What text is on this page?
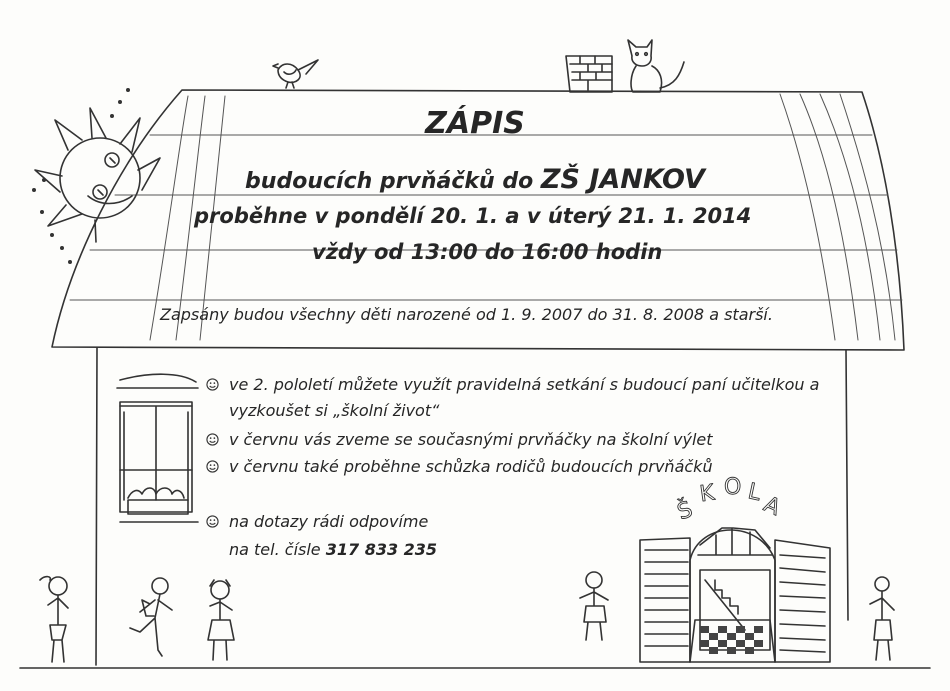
Š
K O L
A
ZÁPIS
budoucích prvňáčků do ZŠ JANKOV
proběhne v pondělí 20. 1. a v úterý 21. 1. 2014
vždy od 13:00 do 16:00 hodin
Zapsány budou všechny děti narozené od 1. 9. 2007 do 31. 8. 2008 a starší.
ve 2. pololetí můžete využít pravidelná setkání s budoucí paní učitelkou a
vyzkoušet si „školní život“
v červnu vás zveme se současnými prvňáčky na školní výlet
v červnu také proběhne schůzka rodičů budoucích prvňáčků
na dotazy rádi odpovíme
na tel. čísle 317 833 235
